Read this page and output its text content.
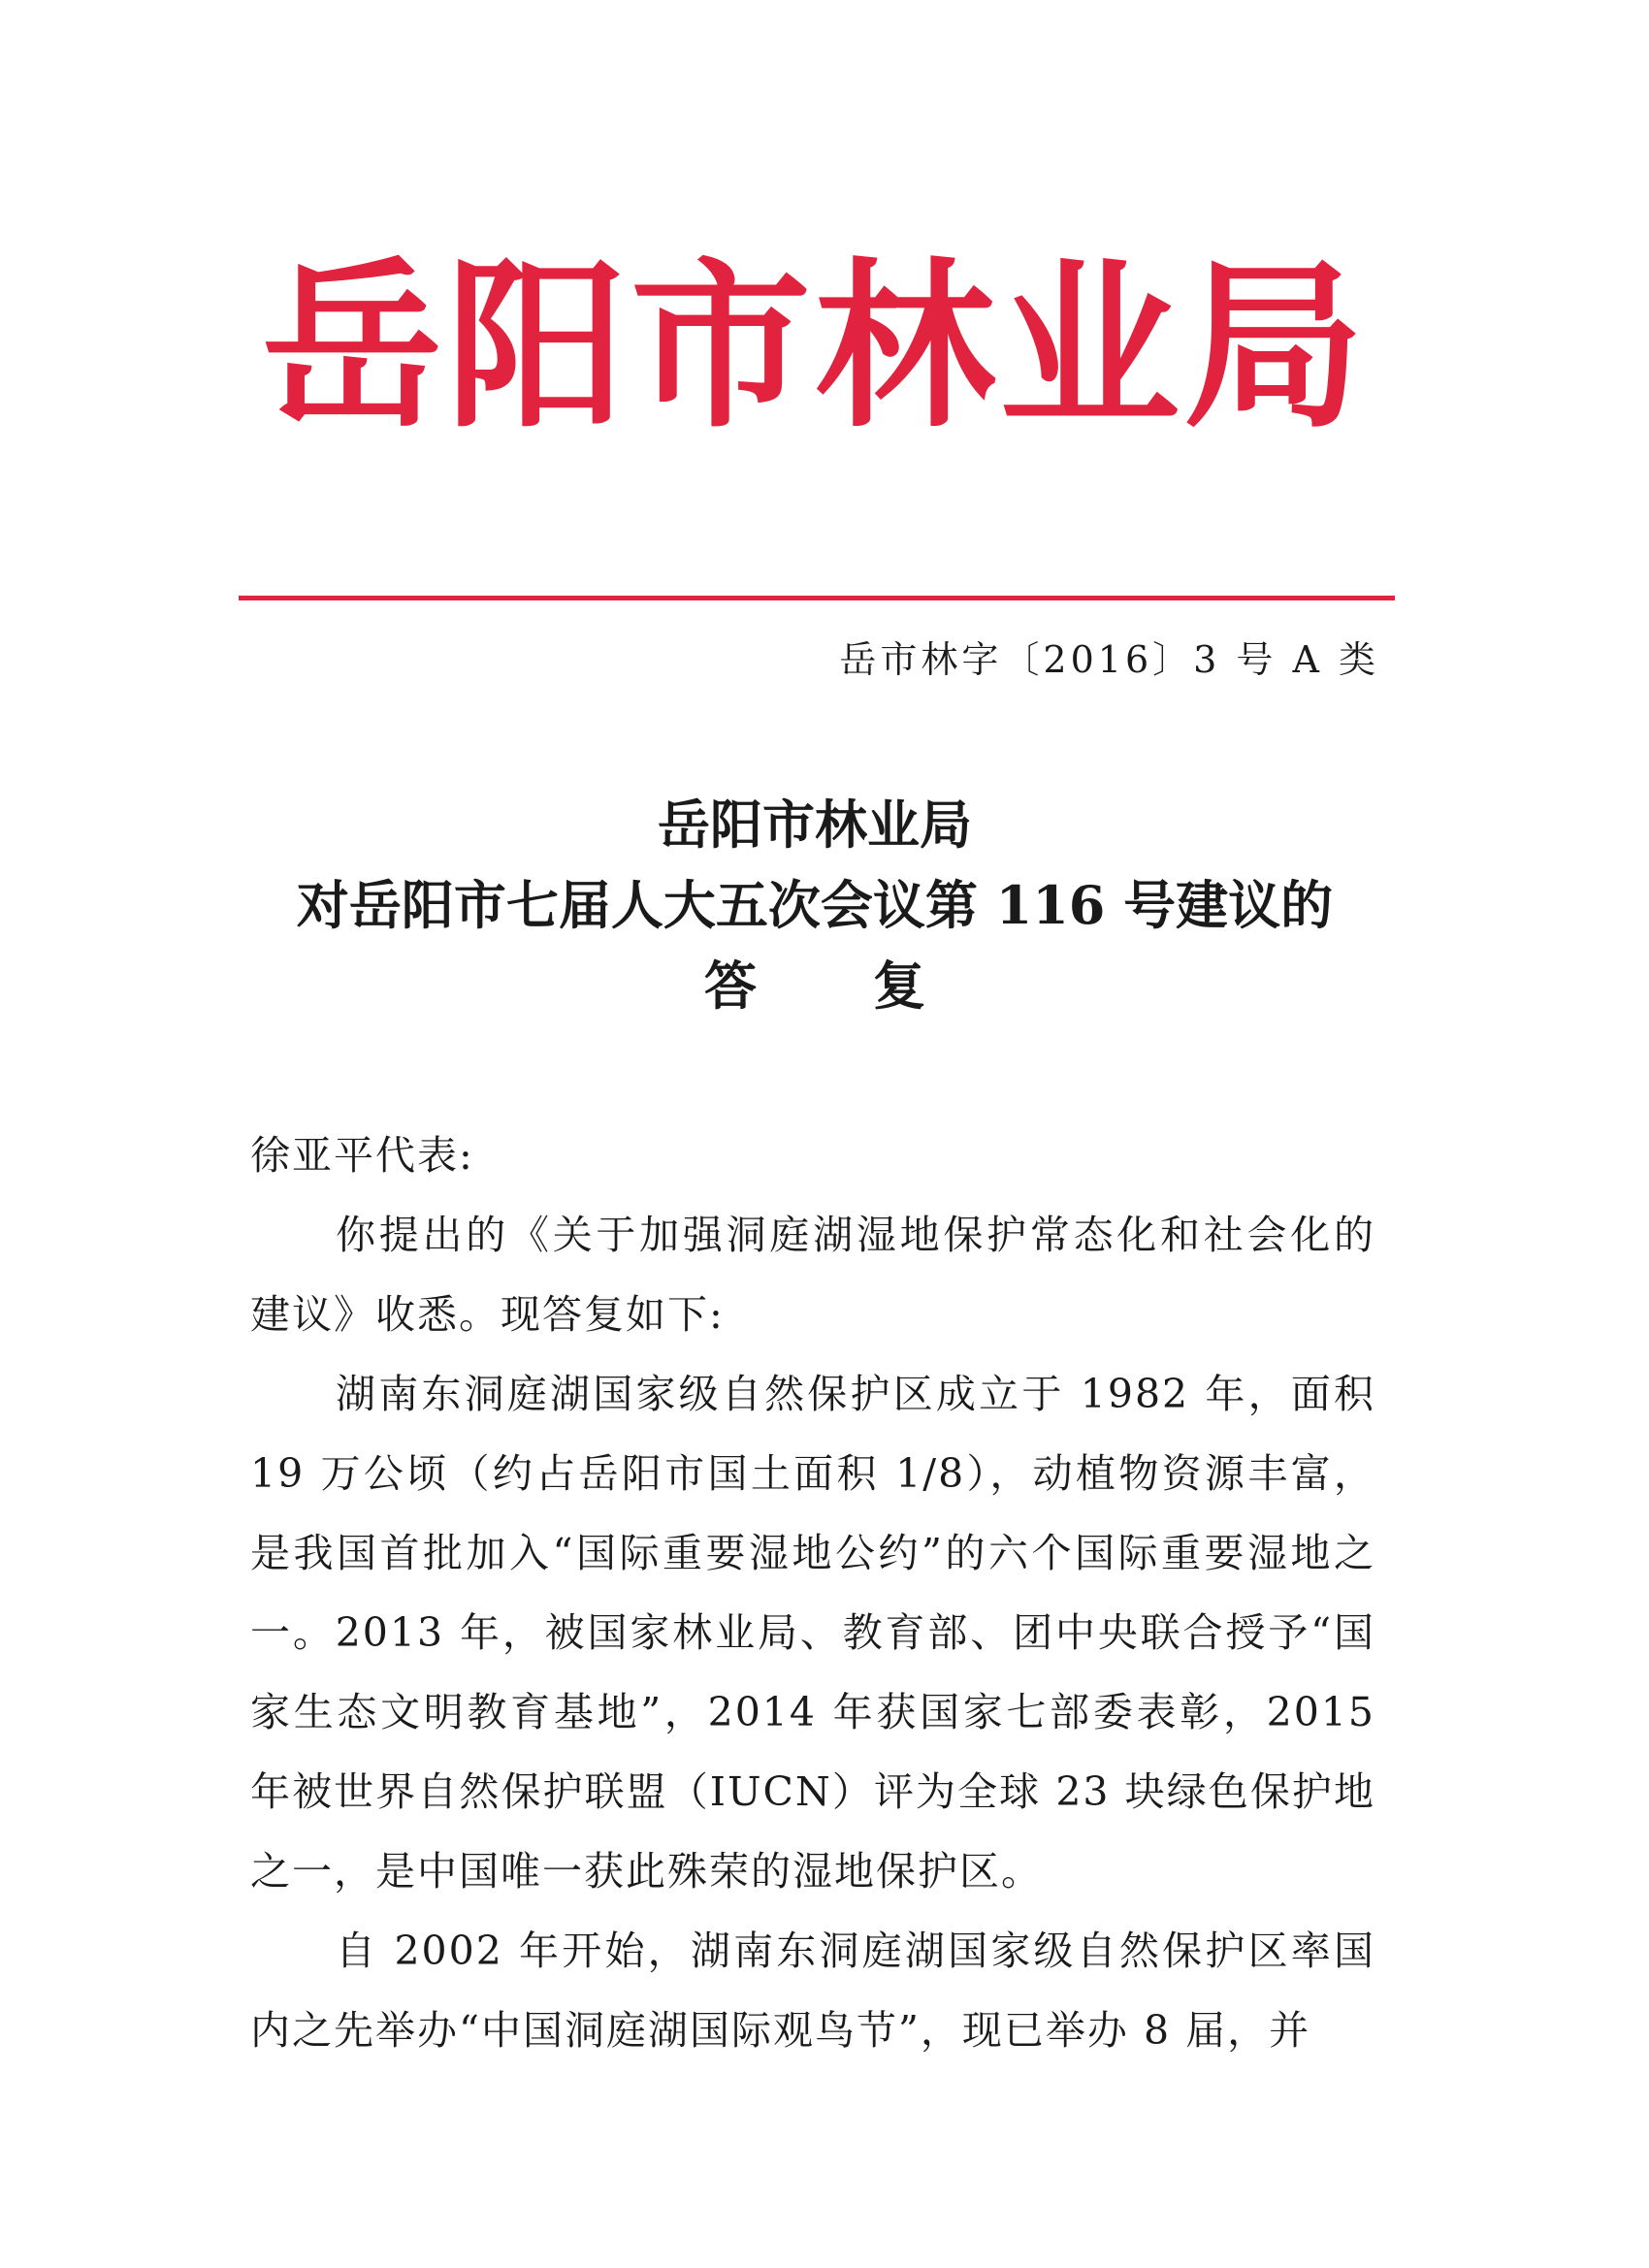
岳阳市林业局
岳市林字〔2016〕3 号 A 类
岳阳市林业局
对岳阳市七届人大五次会议第 116 号建议的
答复
徐亚平代表:
你提出的《关于加强洞庭湖湿地保护常态化和社会化的建议》收悉。现答复如下:
湖南东洞庭湖国家级自然保护区成立于 1982 年，面积 19 万公顷（约占岳阳市国土面积 1/8），动植物资源丰富，是我国首批加入“国际重要湿地公约”的六个国际重要湿地之一。2013 年，被国家林业局、教育部、团中央联合授予“国家生态文明教育基地”，2014 年获国家七部委表彰，2015 年被世界自然保护联盟（IUCN）评为全球 23 块绿色保护地之一，是中国唯一获此殊荣的湿地保护区。
自 2002 年开始，湖南东洞庭湖国家级自然保护区率国内之先举办“中国洞庭湖国际观鸟节”，现已举办 8 届，并
